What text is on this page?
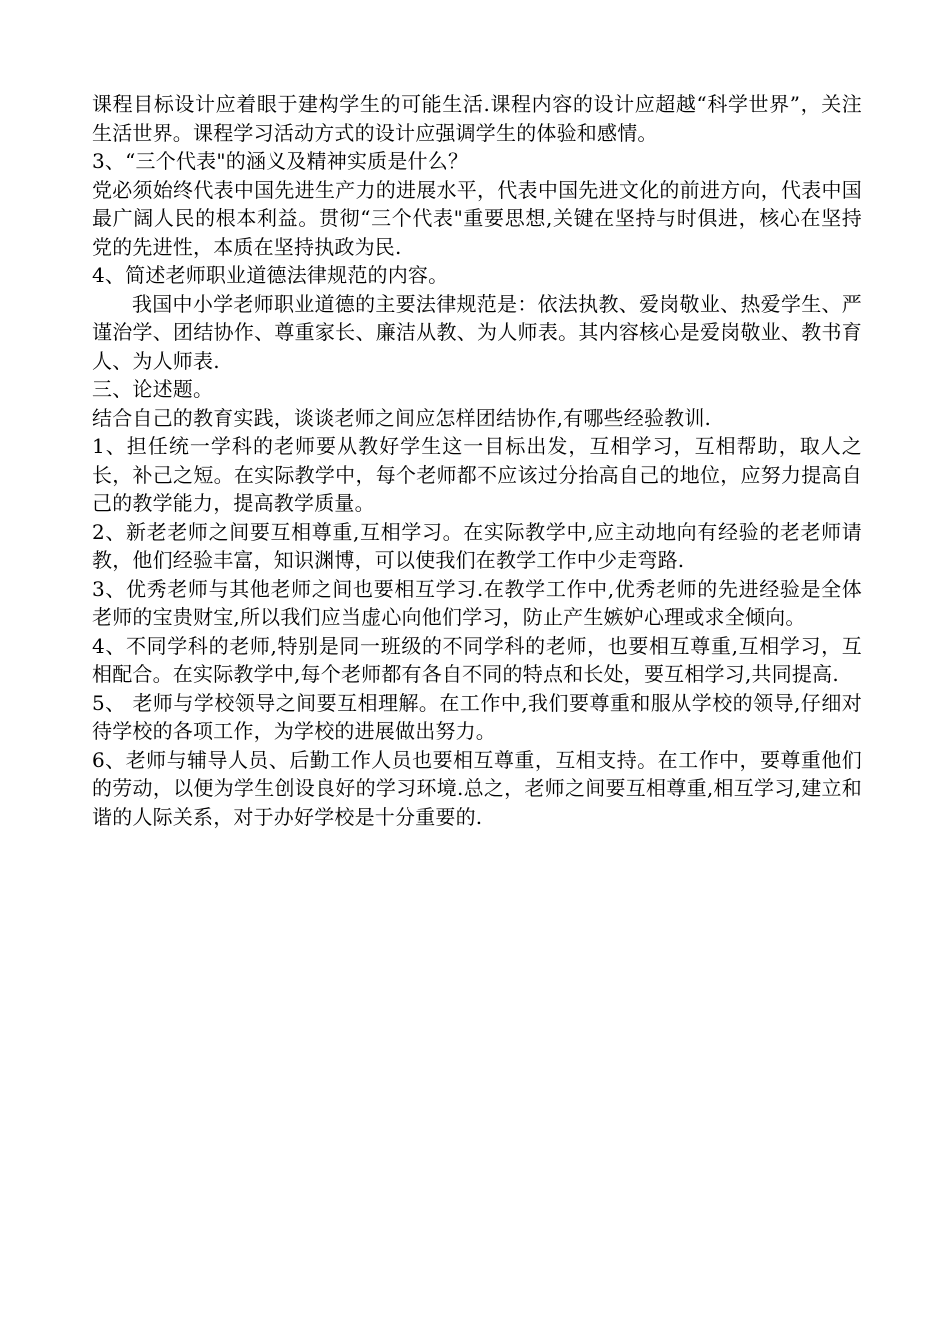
课程目标设计应着眼于建构学生的可能生活.课程内容的设计应超越“科学世界”，关注生活世界。课程学习活动方式的设计应强调学生的体验和感情。

3、“三个代表"的涵义及精神实质是什么？

党必须始终代表中国先进生产力的进展水平，代表中国先进文化的前进方向，代表中国最广阔人民的根本利益。贯彻“三个代表"重要思想,关键在坚持与时俱进，核心在坚持党的先进性，本质在坚持执政为民.

4、简述老师职业道德法律规范的内容。

我国中小学老师职业道德的主要法律规范是：依法执教、爱岗敬业、热爱学生、严谨治学、团结协作、尊重家长、廉洁从教、为人师表。其内容核心是爱岗敬业、教书育人、为人师表.

三、论述题。

结合自己的教育实践，谈谈老师之间应怎样团结协作,有哪些经验教训.

1、担任统一学科的老师要从教好学生这一目标出发，互相学习，互相帮助，取人之长，补己之短。在实际教学中，每个老师都不应该过分抬高自己的地位，应努力提高自己的教学能力，提高教学质量。

2、新老老师之间要互相尊重,互相学习。在实际教学中,应主动地向有经验的老老师请教，他们经验丰富，知识渊博，可以使我们在教学工作中少走弯路.

3、优秀老师与其他老师之间也要相互学习.在教学工作中,优秀老师的先进经验是全体老师的宝贵财宝,所以我们应当虚心向他们学习，防止产生嫉妒心理或求全倾向。

4、不同学科的老师,特别是同一班级的不同学科的老师，也要相互尊重,互相学习，互相配合。在实际教学中,每个老师都有各自不同的特点和长处，要互相学习,共同提高.

5、 老师与学校领导之间要互相理解。在工作中,我们要尊重和服从学校的领导,仔细对待学校的各项工作，为学校的进展做出努力。

6、老师与辅导人员、后勤工作人员也要相互尊重，互相支持。在工作中，要尊重他们的劳动，以便为学生创设良好的学习环境.总之，老师之间要互相尊重,相互学习,建立和谐的人际关系，对于办好学校是十分重要的.
